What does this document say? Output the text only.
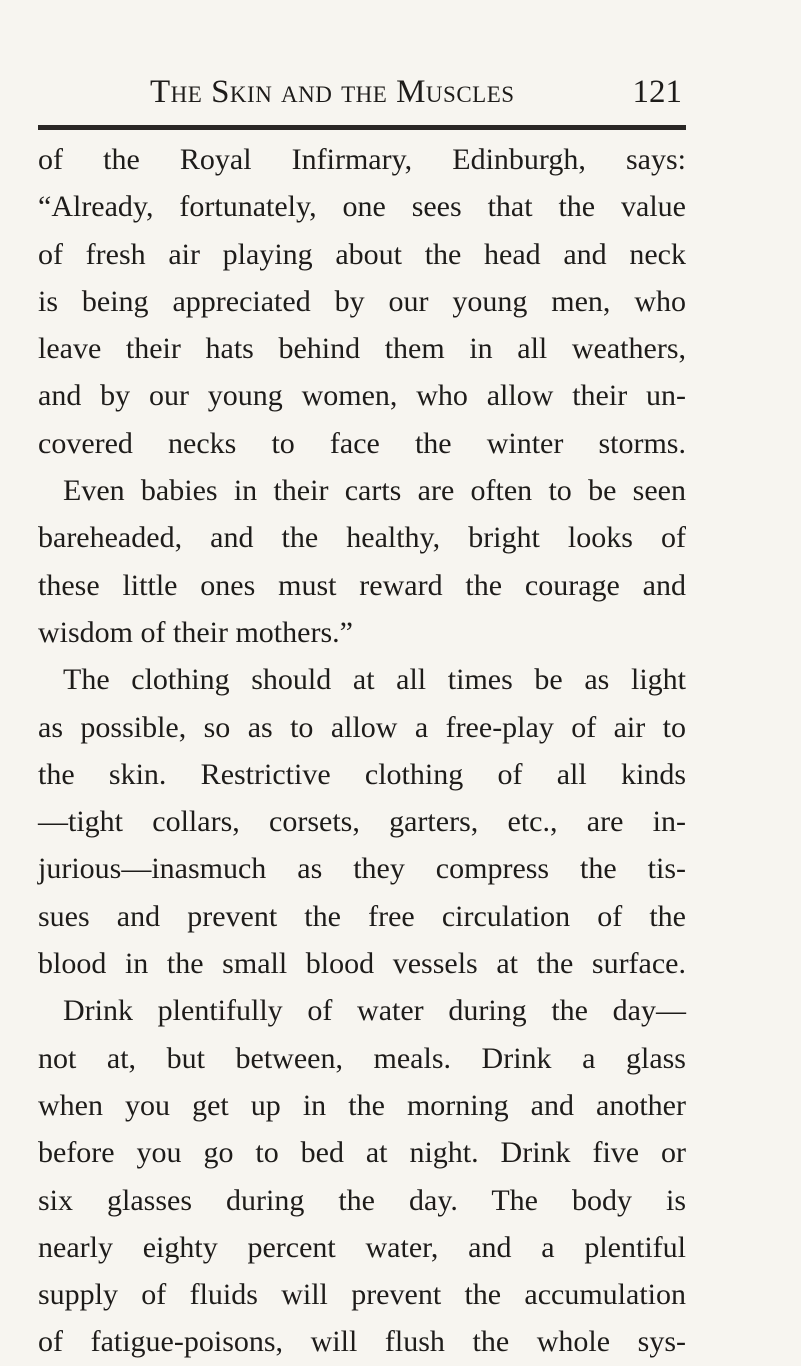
The Skin and the Muscles	121
of the Royal Infirmary, Edinburgh, says:
“Already, fortunately, one sees that the value
of fresh air playing about the head and neck
is being appreciated by our young men, who
leave their hats behind them in all weathers,
and by our young women, who allow their un-
covered necks to face the winter storms.
Even babies in their carts are often to be seen
bareheaded, and the healthy, bright looks of
these little ones must reward the courage and
wisdom of their mothers.”
The clothing should at all times be as light
as possible, so as to allow a free-play of air to
the skin. Restrictive clothing of all kinds
—tight collars, corsets, garters, etc., are in-
jurious—inasmuch as they compress the tis-
sues and prevent the free circulation of the
blood in the small blood vessels at the surface.
Drink plentifully of water during the day—
not at, but between, meals. Drink a glass
when you get up in the morning and another
before you go to bed at night. Drink five or
six glasses during the day. The body is
nearly eighty percent water, and a plentiful
supply of fluids will prevent the accumulation
of fatigue-poisons, will flush the whole sys-
